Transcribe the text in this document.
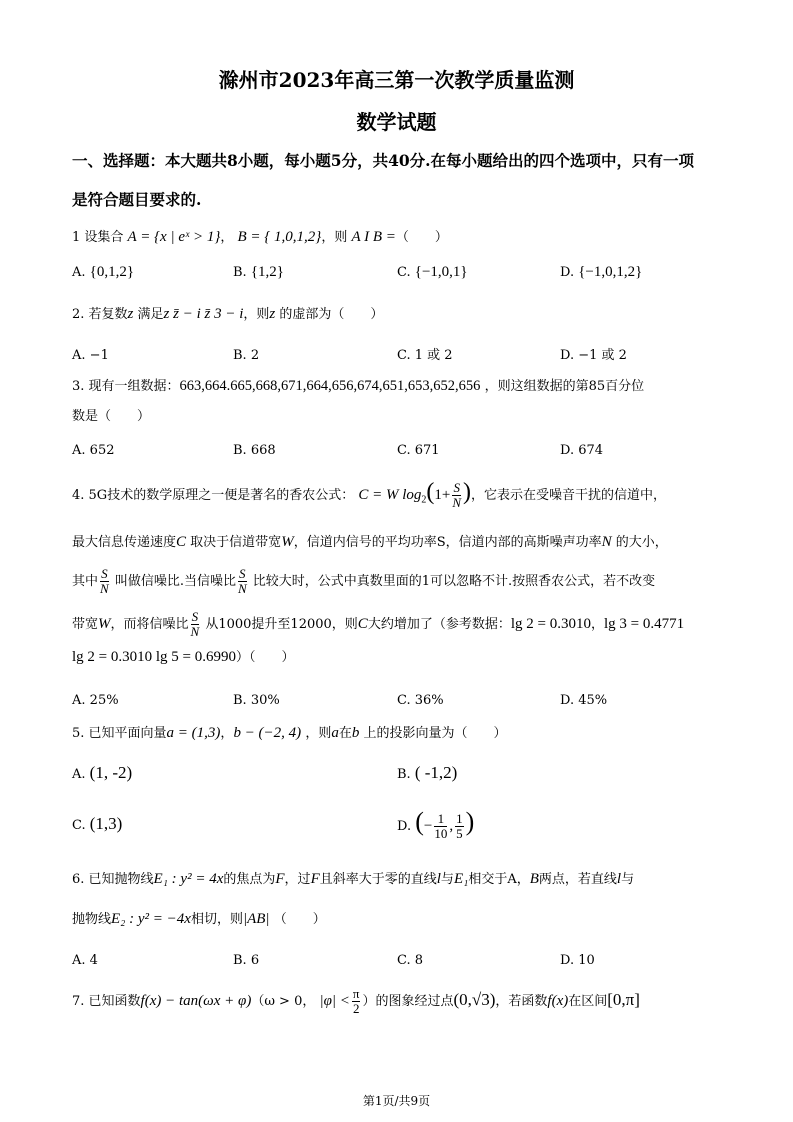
滁州市2023年高三第一次教学质量监测
数学试题
一、选择题：本大题共8小题，每小题5分，共40分.在每小题给出的四个选项中，只有一项
是符合题目要求的.
1 设集合 A = {x | eˣ > 1}， B = { 1,0,1,2}，则 A I B =（　　）
A. {0,1,2}	B. {1,2}	C. {−1,0,1}	D. {−1,0,1,2}
2. 若复数z 满足z z̄ − i z̄ 3 − i，则z 的虚部为（　　）
A. −1	B. 2	C. 1 或 2	D. −1 或 2
3. 现有一组数据：663,664.665,668,671,664,656,674,651,653,652,656 ，则这组数据的第85百分位
数是（　　）
A. 652	B. 668	C. 671	D. 674
4. 5G技术的数学原理之一便是著名的香农公式： C = W $\log_2(1+ \frac{S}{N}$ )，它表示在受噪音干扰的信道中，
最大信息传递速度C 取决于信道带宽W，信道内信号的平均功率S，信道内部的高斯噪声功率N 的大小，
其中 $\frac{S}{N}$ 叫做信噪比.当信噪比 $\frac{S}{N}$ 比较大时，公式中真数里面的1可以忽略不计.按照香农公式，若不改变
带宽W，而将信噪比 $\frac{S}{N}$ 从1000提升至12000，则C大约增加了（参考数据：lg 2 = 0.3010，lg 3 = 0.4771
lg 2 = 0.3010 lg 5 = 0.6990）（　　）
A. 25%	B. 30%	C. 36%	D. 45%
5. 已知平面向量a = (1,3)，b − (−2, 4) ，则a在b 上的投影向量为（　　）
A. (1, -2)	B. ( -1,2)
C. (1,3)	D. (− $\frac{1}{10}$ , $\frac{1}{5}$ )
6. 已知抛物线E₁ : y² = 4x的焦点为F，过F且斜率大于零的直线l与E₁相交于A，B两点，若直线l与
抛物线E₂ : y² = −4x相切，则|AB| （　　）
A. 4	B. 6	C. 8	D. 10
7. 已知函数f(x) − tan(ωx + φ)（ω > 0， $|\varphi| < \frac{\pi}{2}$ ）的图象经过点(0,√3)，若函数f(x)在区间[0,π]
第1页/共9页
